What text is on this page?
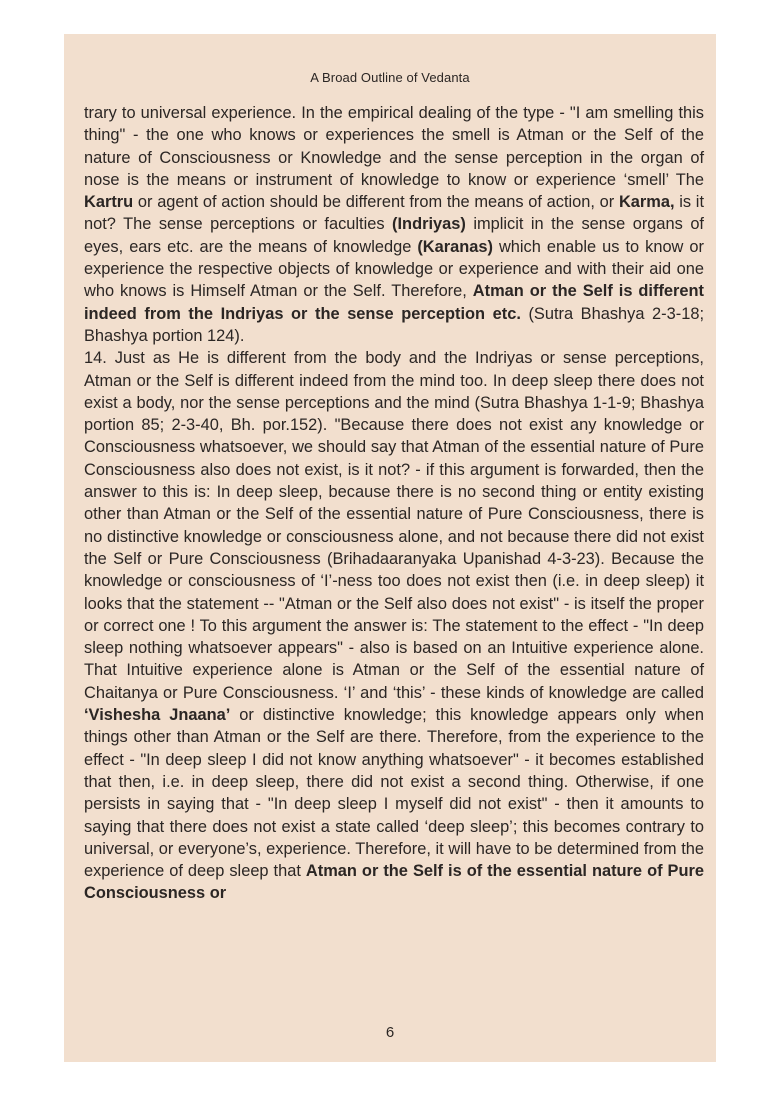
A Broad Outline of Vedanta

trary to universal experience. In the empirical dealing of the type - "I am smelling this thing" - the one who knows or experiences the smell is Atman or the Self of the nature of Consciousness or Knowledge and the sense perception in the organ of nose is the means or instrument of knowledge to know or experience ‘smell’ The Kartru or agent of action should be different from the means of action, or Karma, is it not? The sense perceptions or faculties (Indriyas) implicit in the sense organs of eyes, ears etc. are the means of knowledge (Karanas) which enable us to know or experience the respective objects of knowledge or experience and with their aid one who knows is Himself Atman or the Self. Therefore, Atman or the Self is different indeed from the Indriyas or the sense perception etc. (Sutra Bhashya 2-3-18; Bhashya portion 124).

14. Just as He is different from the body and the Indriyas or sense perceptions, Atman or the Self is different indeed from the mind too. In deep sleep there does not exist a body, nor the sense perceptions and the mind (Sutra Bhashya 1-1-9; Bhashya portion 85; 2-3-40, Bh. por.152). "Because there does not exist any knowledge or Consciousness whatsoever, we should say that Atman of the essential nature of Pure Consciousness also does not exist, is it not? - if this argument is forwarded, then the answer to this is: In deep sleep, because there is no second thing or entity existing other than Atman or the Self of the essential nature of Pure Consciousness, there is no distinctive knowledge or consciousness alone, and not because there did not exist the Self or Pure Consciousness (Brihadaaranyaka Upanishad 4-3-23). Because the knowledge or consciousness of ‘I’-ness too does not exist then (i.e. in deep sleep) it looks that the statement -- "Atman or the Self also does not exist" - is itself the proper or correct one ! To this argument the answer is: The statement to the effect - "In deep sleep nothing whatsoever appears" - also is based on an Intuitive experience alone. That Intuitive experience alone is Atman or the Self of the essential nature of Chaitanya or Pure Consciousness. ‘I’ and ‘this’ - these kinds of knowledge are called ‘Vishesha Jnaana’ or distinctive knowledge; this knowledge appears only when things other than Atman or the Self are there. Therefore, from the experience to the effect - "In deep sleep I did not know anything whatsoever" - it becomes established that then, i.e. in deep sleep, there did not exist a second thing. Otherwise, if one persists in saying that - "In deep sleep I myself did not exist" - then it amounts to saying that there does not exist a state called ‘deep sleep’; this becomes contrary to universal, or everyone’s, experience. Therefore, it will have to be determined from the experience of deep sleep that Atman or the Self is of the essential nature of Pure Consciousness or

6
